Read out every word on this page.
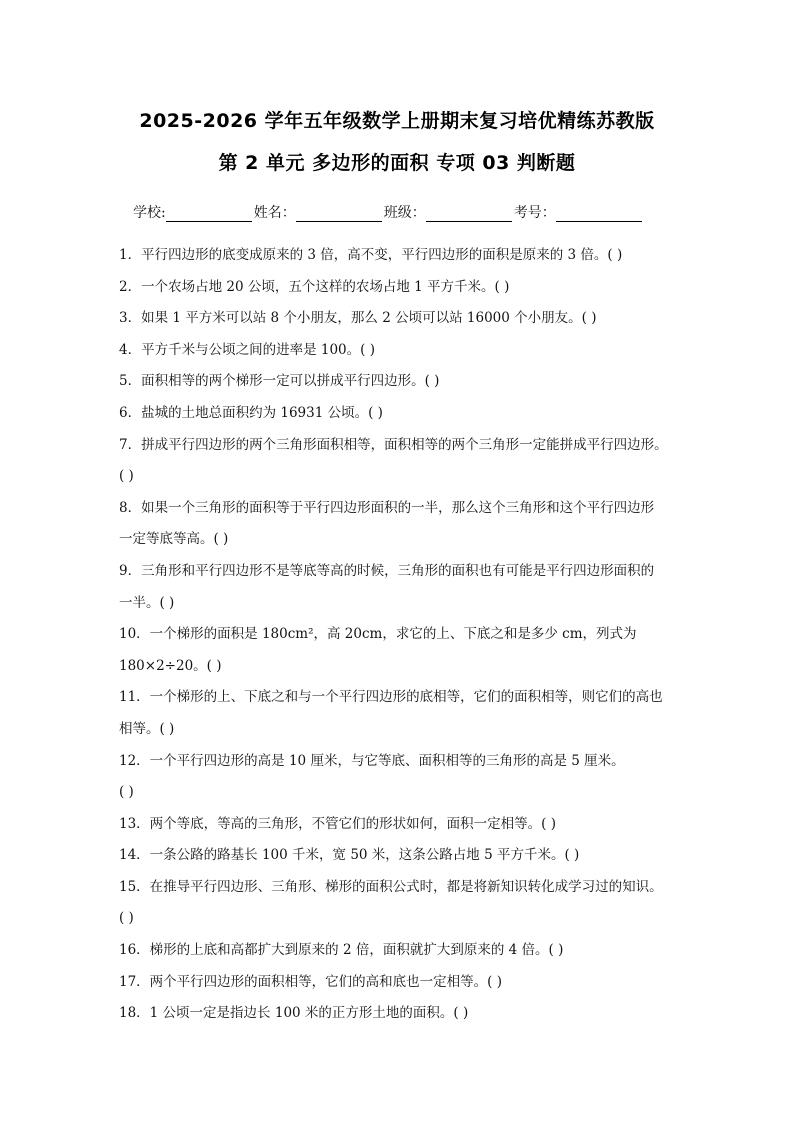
2025-2026 学年五年级数学上册期末复习培优精练苏教版
第 2 单元 多边形的面积 专项 03 判断题
学校:	姓名：	班级：	考号：
1．平行四边形的底变成原来的 3 倍，高不变，平行四边形的面积是原来的 3 倍。( )
2．一个农场占地 20 公顷，五个这样的农场占地 1 平方千米。( )
3．如果 1 平方米可以站 8 个小朋友，那么 2 公顷可以站 16000 个小朋友。( )
4．平方千米与公顷之间的进率是 100。( )
5．面积相等的两个梯形一定可以拼成平行四边形。( )
6．盐城的土地总面积约为 16931 公顷。( )
7．拼成平行四边形的两个三角形面积相等，面积相等的两个三角形一定能拼成平行四边形。
( )
8．如果一个三角形的面积等于平行四边形面积的一半，那么这个三角形和这个平行四边形
一定等底等高。( )
9．三角形和平行四边形不是等底等高的时候，三角形的面积也有可能是平行四边形面积的
一半。( )
10．一个梯形的面积是 180cm²，高 20cm，求它的上、下底之和是多少 cm，列式为
180×2÷20。( )
11．一个梯形的上、下底之和与一个平行四边形的底相等，它们的面积相等，则它们的高也
相等。( )
12．一个平行四边形的高是 10 厘米，与它等底、面积相等的三角形的高是 5 厘米。
( )
13．两个等底，等高的三角形，不管它们的形状如何，面积一定相等。( )
14．一条公路的路基长 100 千米，宽 50 米，这条公路占地 5 平方千米。( )
15．在推导平行四边形、三角形、梯形的面积公式时，都是将新知识转化成学习过的知识。
( )
16．梯形的上底和高都扩大到原来的 2 倍，面积就扩大到原来的 4 倍。( )
17．两个平行四边形的面积相等，它们的高和底也一定相等。( )
18．1 公顷一定是指边长 100 米的正方形土地的面积。( )
